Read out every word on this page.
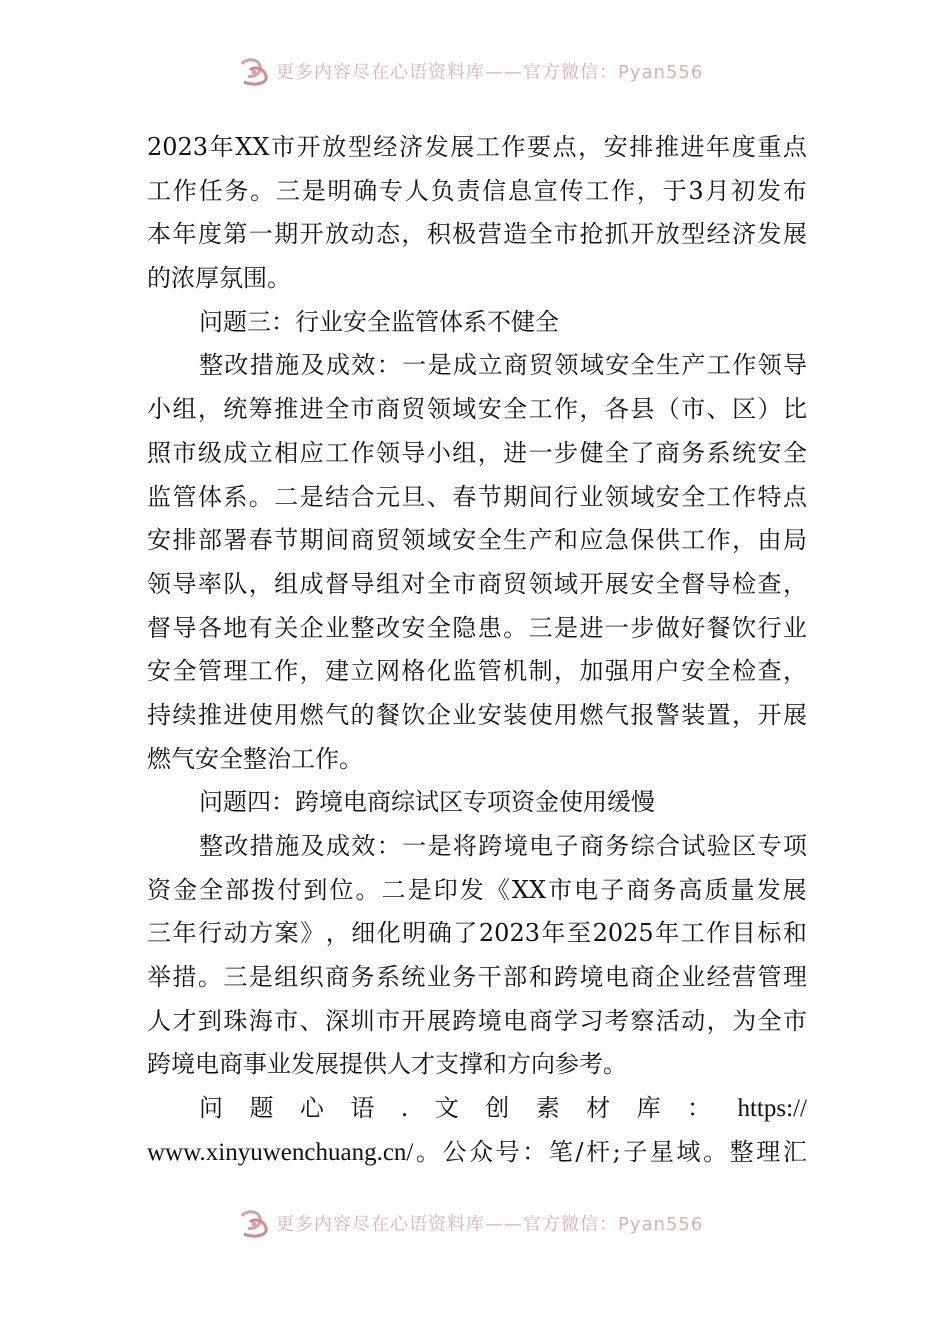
更多内容尽在心语资料库——官方微信：Pyan556
2023 年 XX 市 开 放 型 经 济 发 展 工 作 要 点 ， 安 排 推 进 年 度 重 点
工 作 任 务 。 三 是 明 确 专 人 负 责 信 息 宣 传 工 作 ， 于 3 月 初 发 布
本 年 度 第 一 期 开 放 动 态 ， 积 极 营 造 全 市 抢 抓 开 放 型 经 济 发 展
的浓厚氛围。
问题三：行业安全监管体系不健全
整 改 措 施 及 成 效 ： 一 是 成 立 商 贸 领 域 安 全 生 产 工 作 领 导
小 组 ， 统 筹 推 进 全 市 商 贸 领 域 安 全 工 作 ， 各 县 （ 市 、 区 ） 比
照 市 级 成 立 相 应 工 作 领 导 小 组 ， 进 一 步 健 全 了 商 务 系 统 安 全
监 管 体 系 。 二 是 结 合 元 旦 、 春 节 期 间 行 业 领 域 安 全 工 作 特 点
安 排 部 署 春 节 期 间 商 贸 领 域 安 全 生 产 和 应 急 保 供 工 作 ， 由 局
领 导 率 队 ， 组 成 督 导 组 对 全 市 商 贸 领 域 开 展 安 全 督 导 检 查 ，
督 导 各 地 有 关 企 业 整 改 安 全 隐 患 。 三 是 进 一 步 做 好 餐 饮 行 业
安 全 管 理 工 作 ， 建 立 网 格 化 监 管 机 制 ， 加 强 用 户 安 全 检 查 ，
持 续 推 进 使 用 燃 气 的 餐 饮 企 业 安 装 使 用 燃 气 报 警 装 置 ， 开 展
燃气安全整治工作。
问题四：跨境电商综试区专项资金使用缓慢
整 改 措 施 及 成 效 ： 一 是 将 跨 境 电 子 商 务 综 合 试 验 区 专 项
资 金 全 部 拨 付 到 位 。 二 是 印 发 《 XX 市 电 子 商 务 高 质 量 发 展
三 年 行 动 方 案 》 ， 细 化 明 确 了 2023 年 至 2025 年 工 作 目 标 和
举 措 。 三 是 组 织 商 务 系 统 业 务 干 部 和 跨 境 电 商 企 业 经 营 管 理
人 才 到 珠 海 市 、 深 圳 市 开 展 跨 境 电 商 学 习 考 察 活 动 ， 为 全 市
跨境电商事业发展提供人才支撑和方向参考。
问 题 心 语 . 文 创 素 材 库 ： https://
www.xinyuwenchuang.cn/ 。 公 众 号 ： 笔 / 杆 ; 子 星 域 。 整 理 汇
更多内容尽在心语资料库——官方微信：Pyan556
